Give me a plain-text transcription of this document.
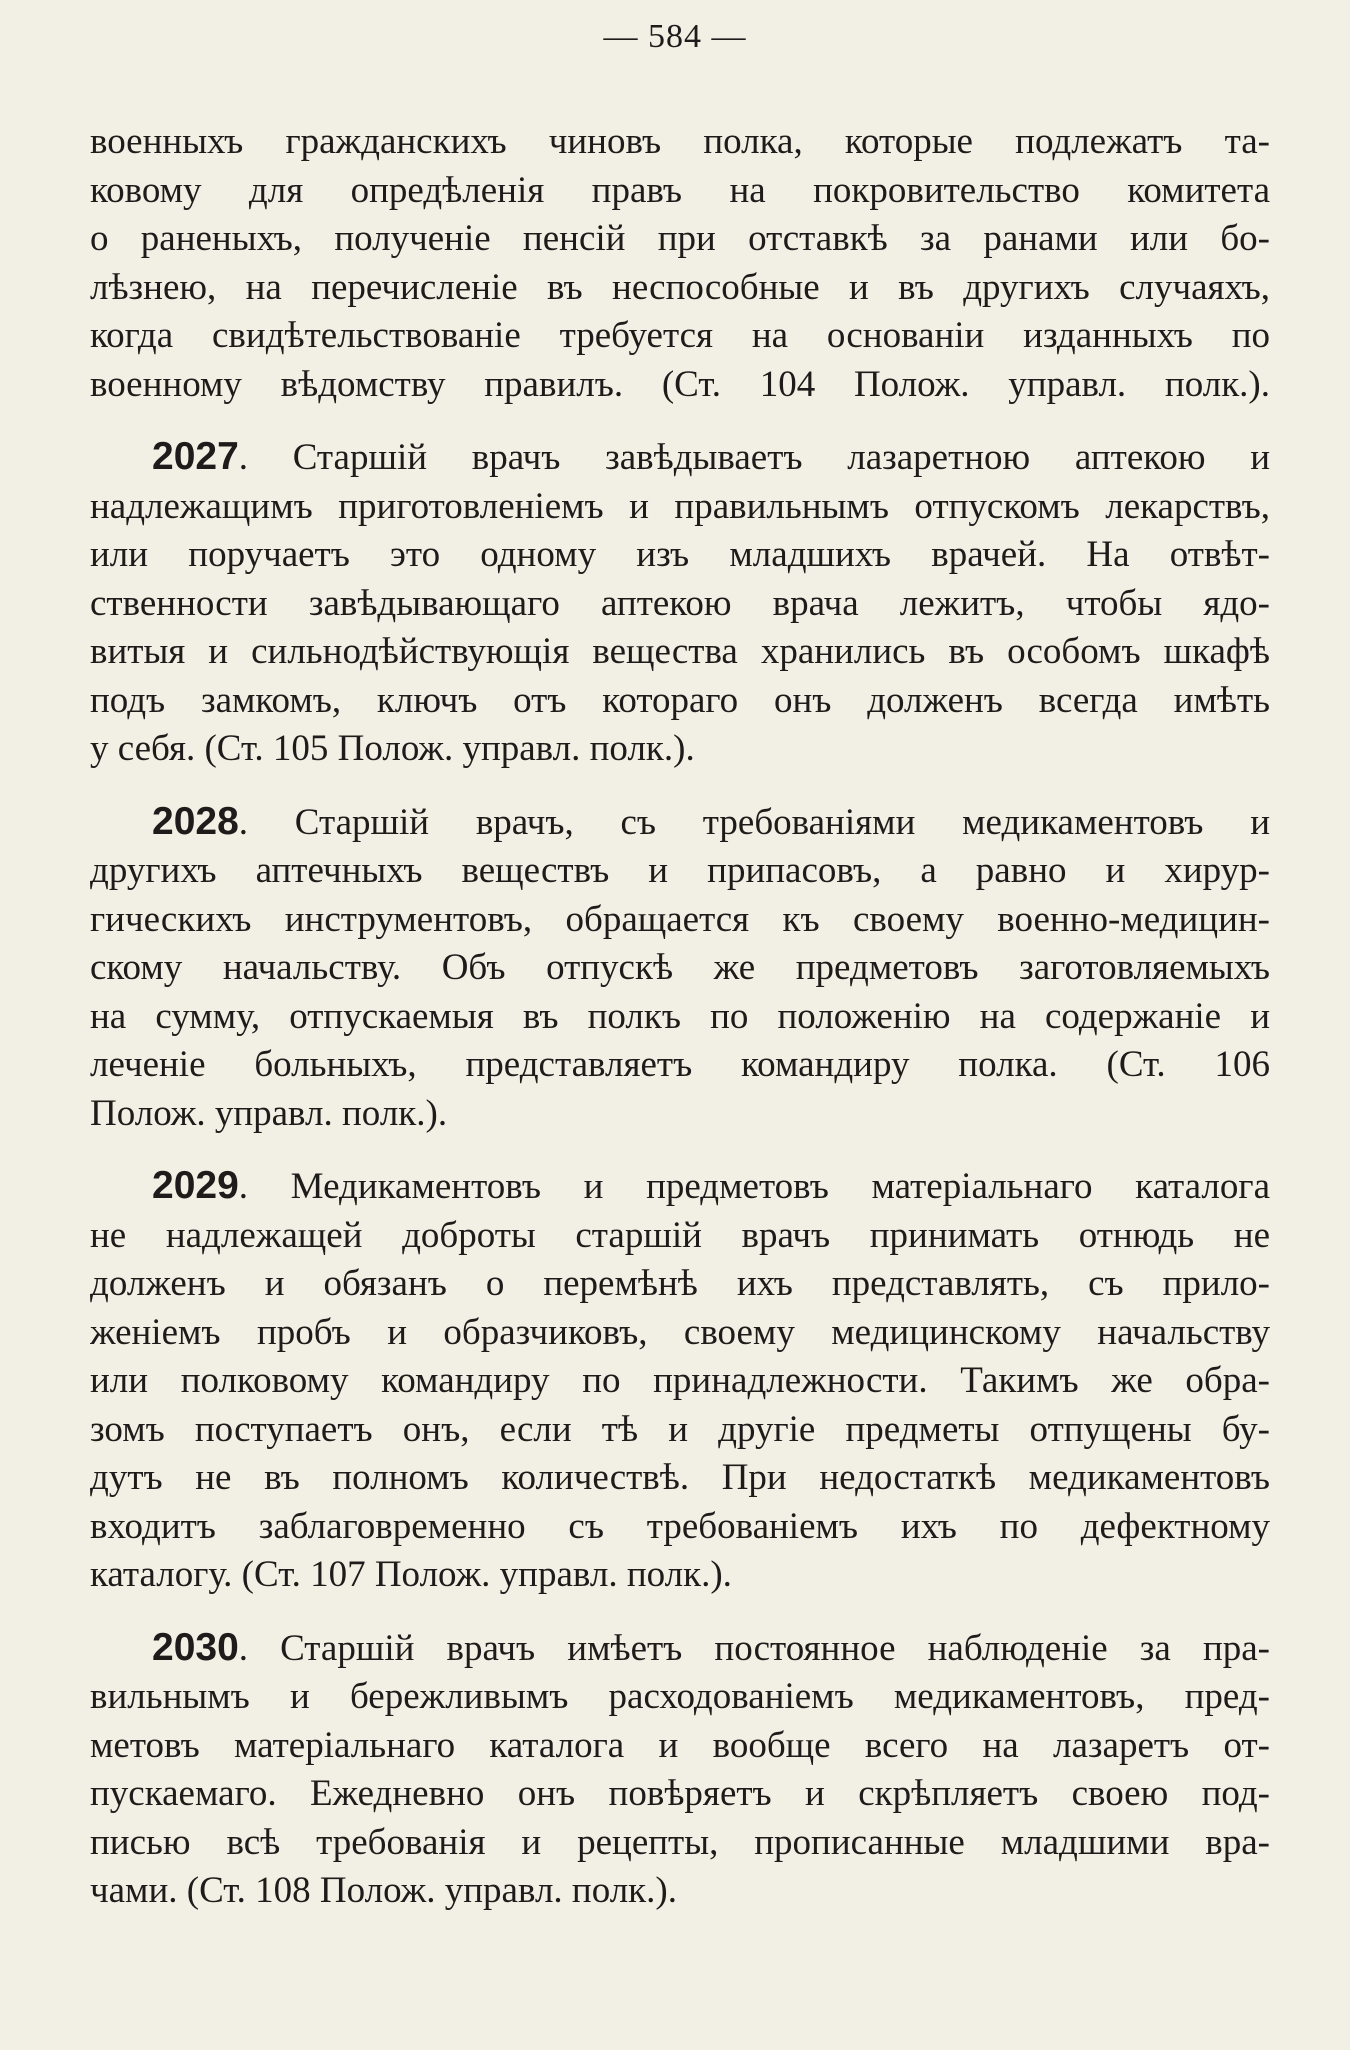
— 584 —
военныхъ гражданскихъ чиновъ полка, которые подлежатъ та-
ковому для опредѣленія правъ на покровительство комитета
о раненыхъ, полученіе пенсій при отставкѣ за ранами или бо-
лѣзнею, на перечисленіе въ неспособные и въ другихъ случаяхъ,
когда свидѣтельствованіе требуется на основаніи изданныхъ по
военному вѣдомству правилъ. (Ст. 104 Полож. управл. полк.).
2027. Старшій врачъ завѣдываетъ лазаретною аптекою и
надлежащимъ приготовленіемъ и правильнымъ отпускомъ лекарствъ,
или поручаетъ это одному изъ младшихъ врачей. На отвѣт-
ственности завѣдывающаго аптекою врача лежитъ, чтобы ядо-
витыя и сильнодѣйствующія вещества хранились въ особомъ шкафѣ
подъ замкомъ, ключъ отъ котораго онъ долженъ всегда имѣть
у себя. (Ст. 105 Полож. управл. полк.).
2028. Старшій врачъ, съ требованіями медикаментовъ и
другихъ аптечныхъ веществъ и припасовъ, а равно и хирур-
гическихъ инструментовъ, обращается къ своему военно-медицин-
скому начальству. Объ отпускѣ же предметовъ заготовляемыхъ
на сумму, отпускаемыя въ полкъ по положенію на содержаніе и
леченіе больныхъ, представляетъ командиру полка. (Ст. 106
Полож. управл. полк.).
2029. Медикаментовъ и предметовъ матеріальнаго каталога
не надлежащей доброты старшій врачъ принимать отнюдь не
долженъ и обязанъ о перемѣнѣ ихъ представлять, съ прило-
женіемъ пробъ и образчиковъ, своему медицинскому начальству
или полковому командиру по принадлежности. Такимъ же обра-
зомъ поступаетъ онъ, если тѣ и другіе предметы отпущены бу-
дутъ не въ полномъ количествѣ. При недостаткѣ медикаментовъ
входитъ заблаговременно съ требованіемъ ихъ по дефектному
каталогу. (Ст. 107 Полож. управл. полк.).
2030. Старшій врачъ имѣетъ постоянное наблюденіе за пра-
вильнымъ и бережливымъ расходованіемъ медикаментовъ, пред-
метовъ матеріальнаго каталога и вообще всего на лазаретъ от-
пускаемаго. Ежедневно онъ повѣряетъ и скрѣпляетъ своею под-
писью всѣ требованія и рецепты, прописанные младшими вра-
чами. (Ст. 108 Полож. управл. полк.).
